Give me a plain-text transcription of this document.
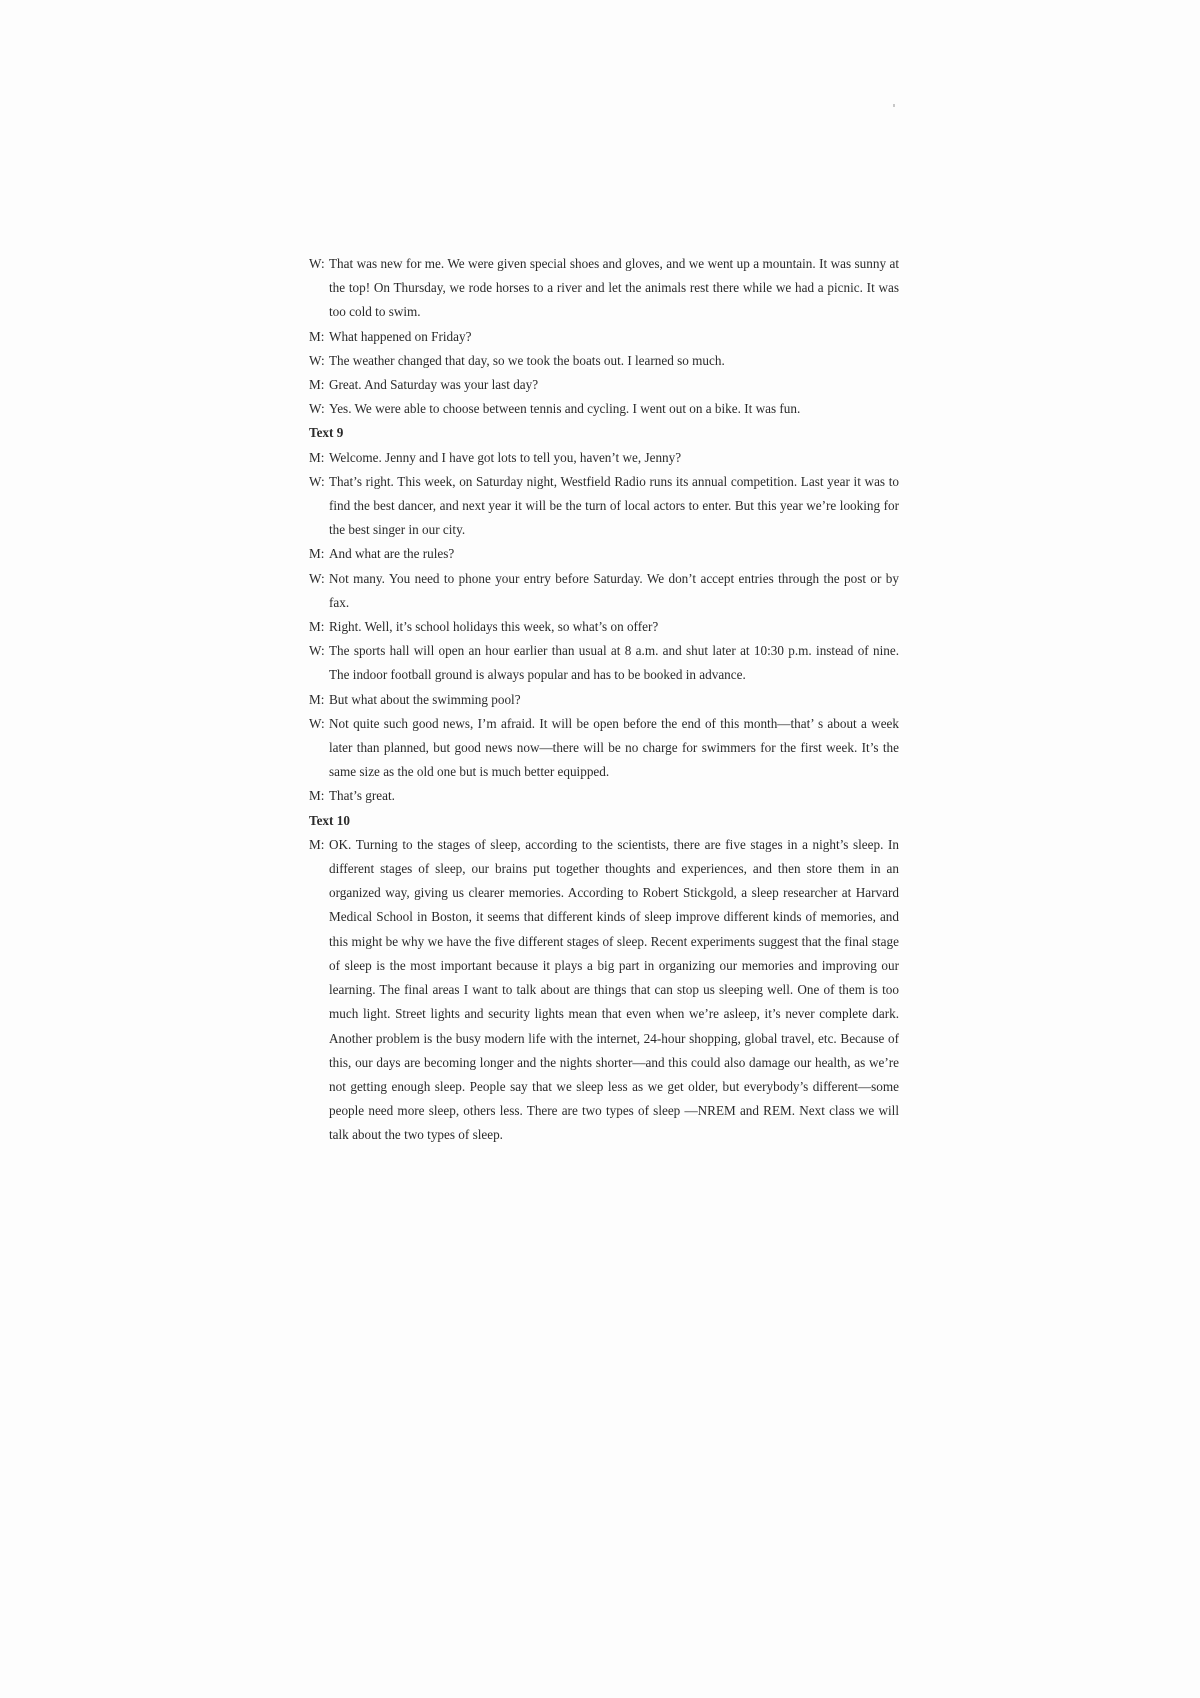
W: That was new for me. We were given special shoes and gloves, and we went up a mountain. It was sunny at the top! On Thursday, we rode horses to a river and let the animals rest there while we had a picnic. It was too cold to swim.

M: What happened on Friday?

W: The weather changed that day, so we took the boats out. I learned so much.

M: Great. And Saturday was your last day?

W: Yes. We were able to choose between tennis and cycling. I went out on a bike. It was fun.

Text 9

M: Welcome. Jenny and I have got lots to tell you, haven’t we, Jenny?

W: That’s right. This week, on Saturday night, Westfield Radio runs its annual competition. Last year it was to find the best dancer, and next year it will be the turn of local actors to enter. But this year we’re looking for the best singer in our city.

M: And what are the rules?

W: Not many. You need to phone your entry before Saturday. We don’t accept entries through the post or by fax.

M: Right. Well, it’s school holidays this week, so what’s on offer?

W: The sports hall will open an hour earlier than usual at 8 a.m. and shut later at 10:30 p.m. instead of nine. The indoor football ground is always popular and has to be booked in advance.

M: But what about the swimming pool?

W: Not quite such good news, I’m afraid. It will be open before the end of this month—that’ s about a week later than planned, but good news now—there will be no charge for swimmers for the first week. It’s the same size as the old one but is much better equipped.

M: That’s great.

Text 10

M: OK. Turning to the stages of sleep, according to the scientists, there are five stages in a night’s sleep. In different stages of sleep, our brains put together thoughts and experiences, and then store them in an organized way, giving us clearer memories. According to Robert Stickgold, a sleep researcher at Harvard Medical School in Boston, it seems that different kinds of sleep improve different kinds of memories, and this might be why we have the five different stages of sleep. Recent experiments suggest that the final stage of sleep is the most important because it plays a big part in organizing our memories and improving our learning. The final areas I want to talk about are things that can stop us sleeping well. One of them is too much light. Street lights and security lights mean that even when we’re asleep, it’s never complete dark. Another problem is the busy modern life with the internet, 24-hour shopping, global travel, etc. Because of this, our days are becoming longer and the nights shorter—and this could also damage our health, as we’re not getting enough sleep. People say that we sleep less as we get older, but everybody’s different—some people need more sleep, others less. There are two types of sleep —NREM and REM. Next class we will talk about the two types of sleep.
